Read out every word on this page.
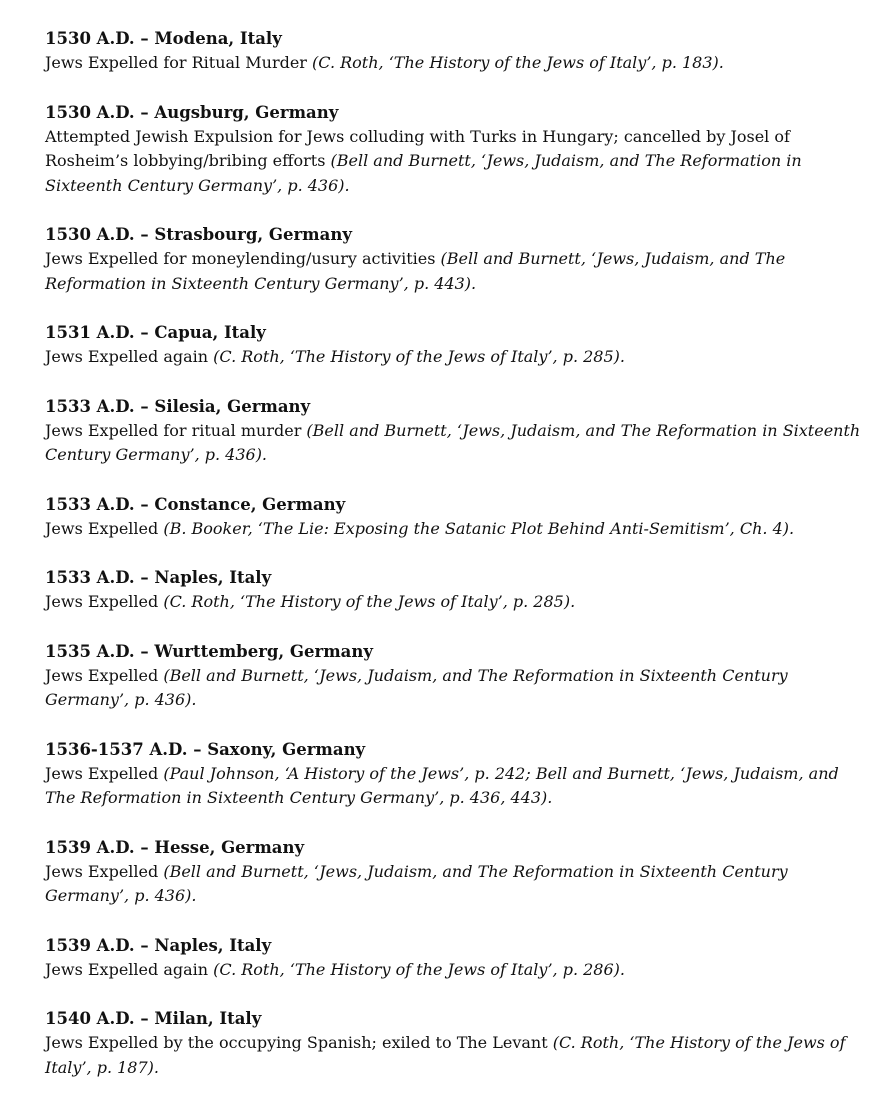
1530 A.D. – Modena, Italy
Jews Expelled for Ritual Murder (C. Roth, ‘The History of the Jews of Italy’, p. 183).
1530 A.D. – Augsburg, Germany
Attempted Jewish Expulsion for Jews colluding with Turks in Hungary; cancelled by Josel of Rosheim’s lobbying/bribing efforts (Bell and Burnett, ‘Jews, Judaism, and The Reformation in Sixteenth Century Germany’, p. 436).
1530 A.D. – Strasbourg, Germany
Jews Expelled for moneylending/usury activities (Bell and Burnett, ‘Jews, Judaism, and The Reformation in Sixteenth Century Germany’, p. 443).
1531 A.D. – Capua, Italy
Jews Expelled again (C. Roth, ‘The History of the Jews of Italy’, p. 285).
1533 A.D. – Silesia, Germany
Jews Expelled for ritual murder (Bell and Burnett, ‘Jews, Judaism, and The Reformation in Sixteenth Century Germany’, p. 436).
1533 A.D. – Constance, Germany
Jews Expelled (B. Booker, ‘The Lie: Exposing the Satanic Plot Behind Anti-Semitism’, Ch. 4).
1533 A.D. – Naples, Italy
Jews Expelled (C. Roth, ‘The History of the Jews of Italy’, p. 285).
1535 A.D. – Wurttemberg, Germany
Jews Expelled (Bell and Burnett, ‘Jews, Judaism, and The Reformation in Sixteenth Century Germany’, p. 436).
1536-1537 A.D. – Saxony, Germany
Jews Expelled (Paul Johnson, ‘A History of the Jews’, p. 242; Bell and Burnett, ‘Jews, Judaism, and The Reformation in Sixteenth Century Germany’, p. 436, 443).
1539 A.D. – Hesse, Germany
Jews Expelled (Bell and Burnett, ‘Jews, Judaism, and The Reformation in Sixteenth Century Germany’, p. 436).
1539 A.D. – Naples, Italy
Jews Expelled again (C. Roth, ‘The History of the Jews of Italy’, p. 286).
1540 A.D. – Milan, Italy
Jews Expelled by the occupying Spanish; exiled to The Levant (C. Roth, ‘The History of the Jews of Italy’, p. 187).
